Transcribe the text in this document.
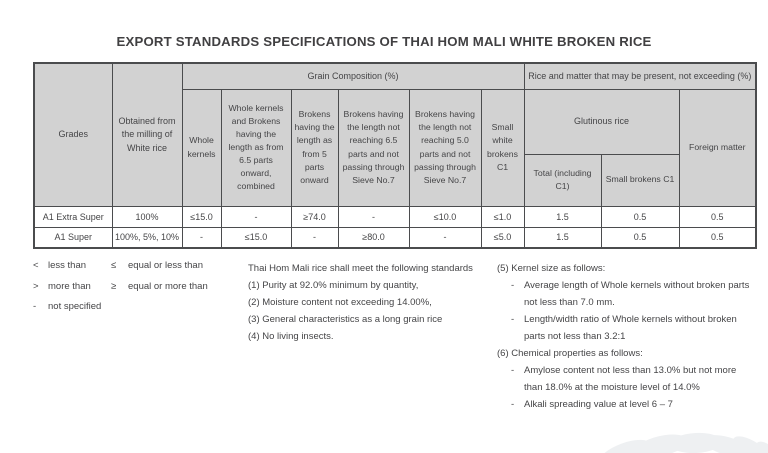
EXPORT STANDARDS SPECIFICATIONS OF THAI HOM MALI WHITE BROKEN RICE
Grades	Obtained from the milling of White rice	Grain Composition (%)						Rice and matter that may be present, not exceeding (%)		
		Whole kernels	Whole kernels and Brokens having the length as from 6.5 parts onward, combined	Brokens having the length as from 5 parts onward	Brokens having the length not reaching 6.5 parts and not passing through Sieve No.7	Brokens having the length not reaching 5.0 parts and not passing through Sieve No.7	Small white brokens C1	Glutinous rice		Foreign matter
								Total (including C1)	Small brokens C1	
A1 Extra Super	100%	≤15.0	-	≥74.0	-	≤10.0	≤1.0	1.5	0.5	0.5
A1 Super	100%, 5%, 10%	-	≤15.0	-	≥80.0	-	≤5.0	1.5	0.5	0.5
< less than	≤	equal or less than
> more than	≥	equal or more than
-	not specified
Thai Hom Mali rice shall meet the following standards
(1) Purity at 92.0% minimum by quantity,
(2) Moisture content not exceeding 14.00%,
(3) General characteristics as a long grain rice
(4) No living insects.
(5) Kernel size as follows:
-	Average length of Whole kernels without broken parts not less than 7.0 mm.
-	Length/width ratio of Whole kernels without broken parts not less than 3.2:1
(6) Chemical properties as follows:
-	Amylose content not less than 13.0% but not more than 18.0% at the moisture level of 14.0%
-	Alkali spreading value at level 6 – 7
